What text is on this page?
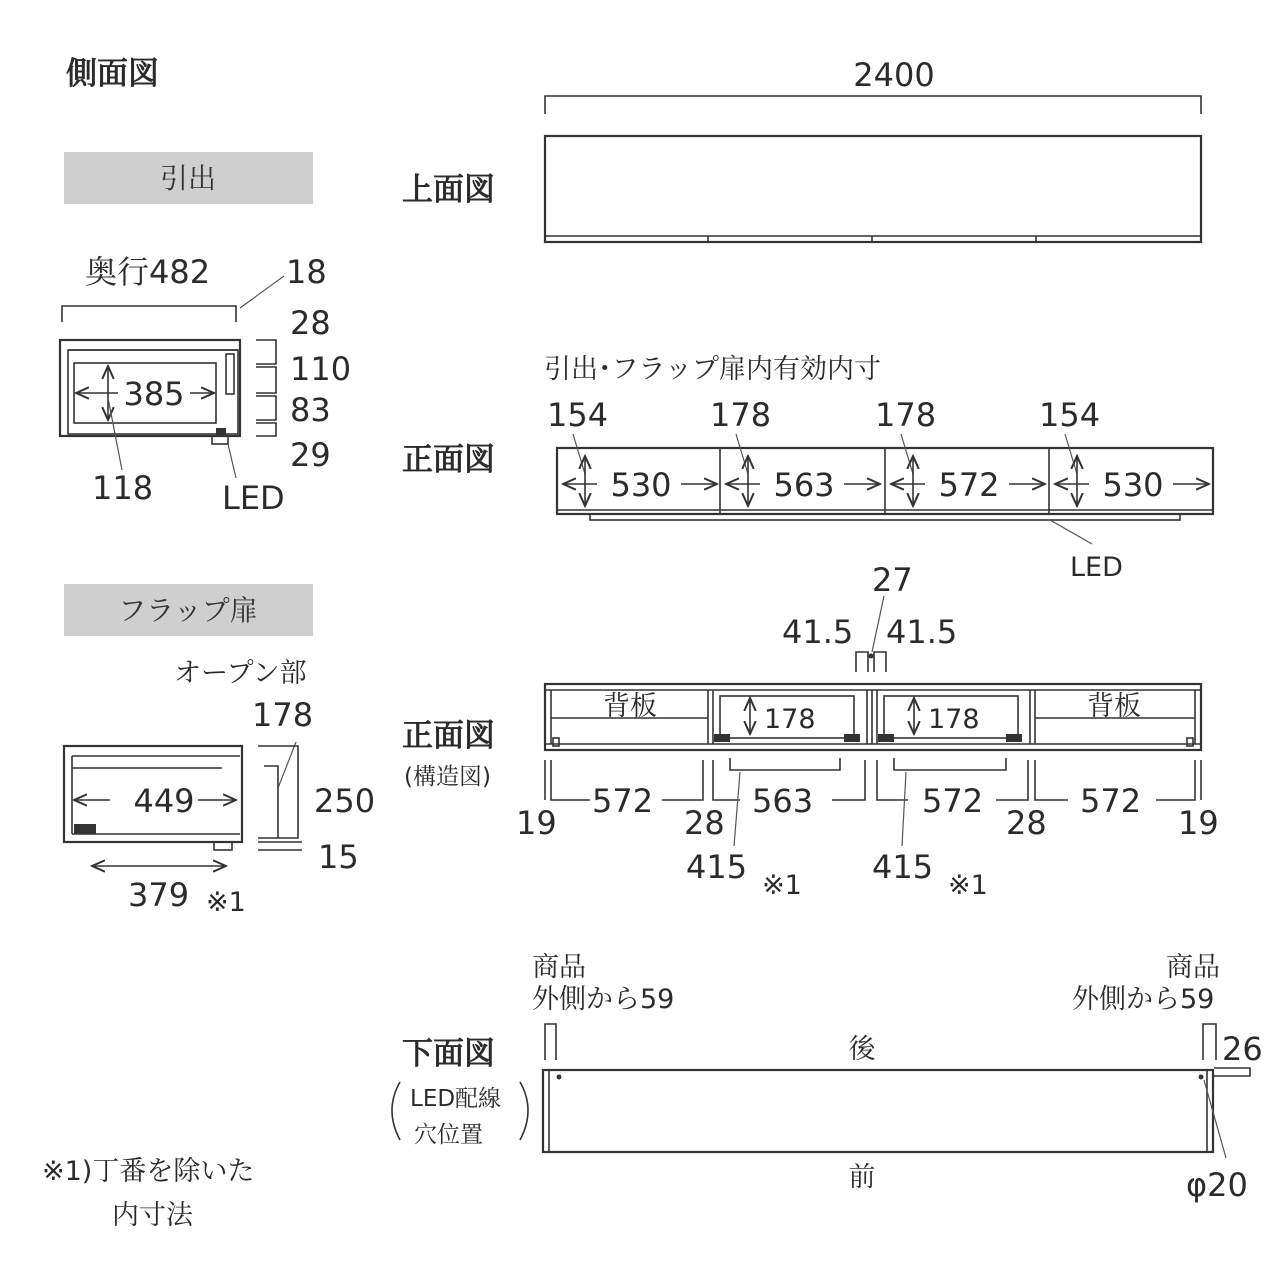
側面図
引出
奥行482 18
28
110
83
29
385
118 LED
フラップ扉
オープン部
178
449	250
15
379 ※1
※1)丁番を除いた
内寸法
上面図
2400
正面図
引出･フラップ扉内有効内寸
154
530
178
563
178
572
154
530
LED
正面図
(構造図)
27
41.5 41.5
背板	背板
178	178
19
572
28
563	572
28
572
19
415 ※1 415 ※1
下面図
LED配線
穴位置
商品
外側から59
商品
外側から59
26
後
前	φ20
